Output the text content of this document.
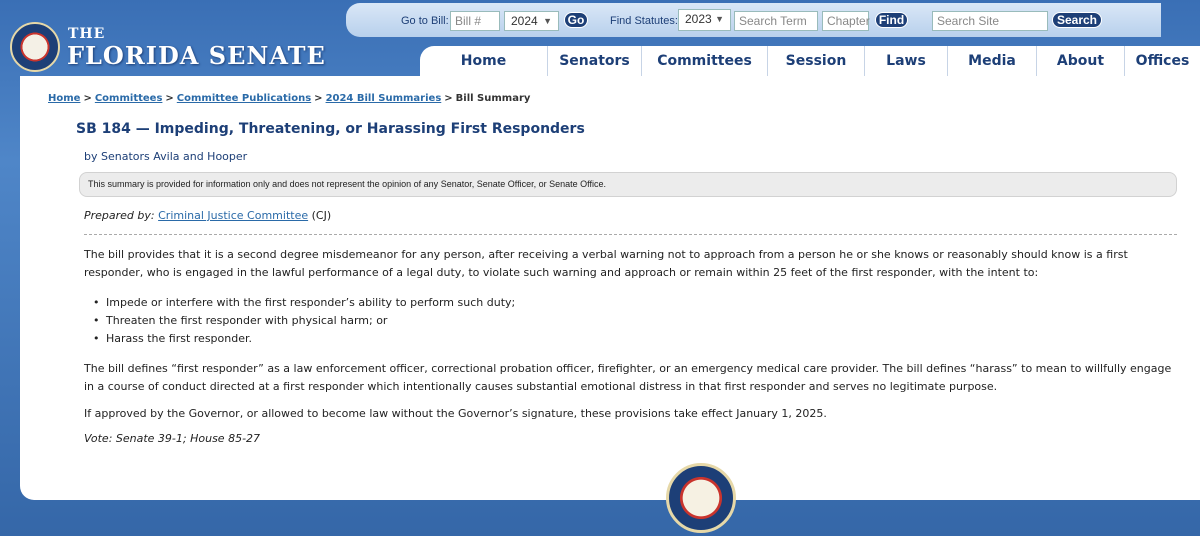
THE
FLORIDA SENATE
Go to Bill: Bill #	2024 ▼	Go	Find Statutes: 2023 ▼	Search Term	Chapter Find	Search Site	Search
Home	Senators	Committees	Session	Laws	Media	About	Offices
Home > Committees > Committee Publications > 2024 Bill Summaries > Bill Summary
SB 184 — Impeding, Threatening, or Harassing First Responders
by Senators Avila and Hooper
This summary is provided for information only and does not represent the opinion of any Senator, Senate Officer, or Senate Office.
Prepared by: Criminal Justice Committee (CJ)
The bill provides that it is a second degree misdemeanor for any person, after receiving a verbal warning not to approach from a person he or she knows or reasonably should know is a first responder, who is engaged in the lawful performance of a legal duty, to violate such warning and approach or remain within 25 feet of the first responder, with the intent to:
• Impede or interfere with the first responder’s ability to perform such duty;
• Threaten the first responder with physical harm; or
• Harass the first responder.
The bill defines “first responder” as a law enforcement officer, correctional probation officer, firefighter, or an emergency medical care provider. The bill defines “harass” to mean to willfully engage in a course of conduct directed at a first responder which intentionally causes substantial emotional distress in that first responder and serves no legitimate purpose.
If approved by the Governor, or allowed to become law without the Governor’s signature, these provisions take effect January 1, 2025.
Vote: Senate 39-1; House 85-27
